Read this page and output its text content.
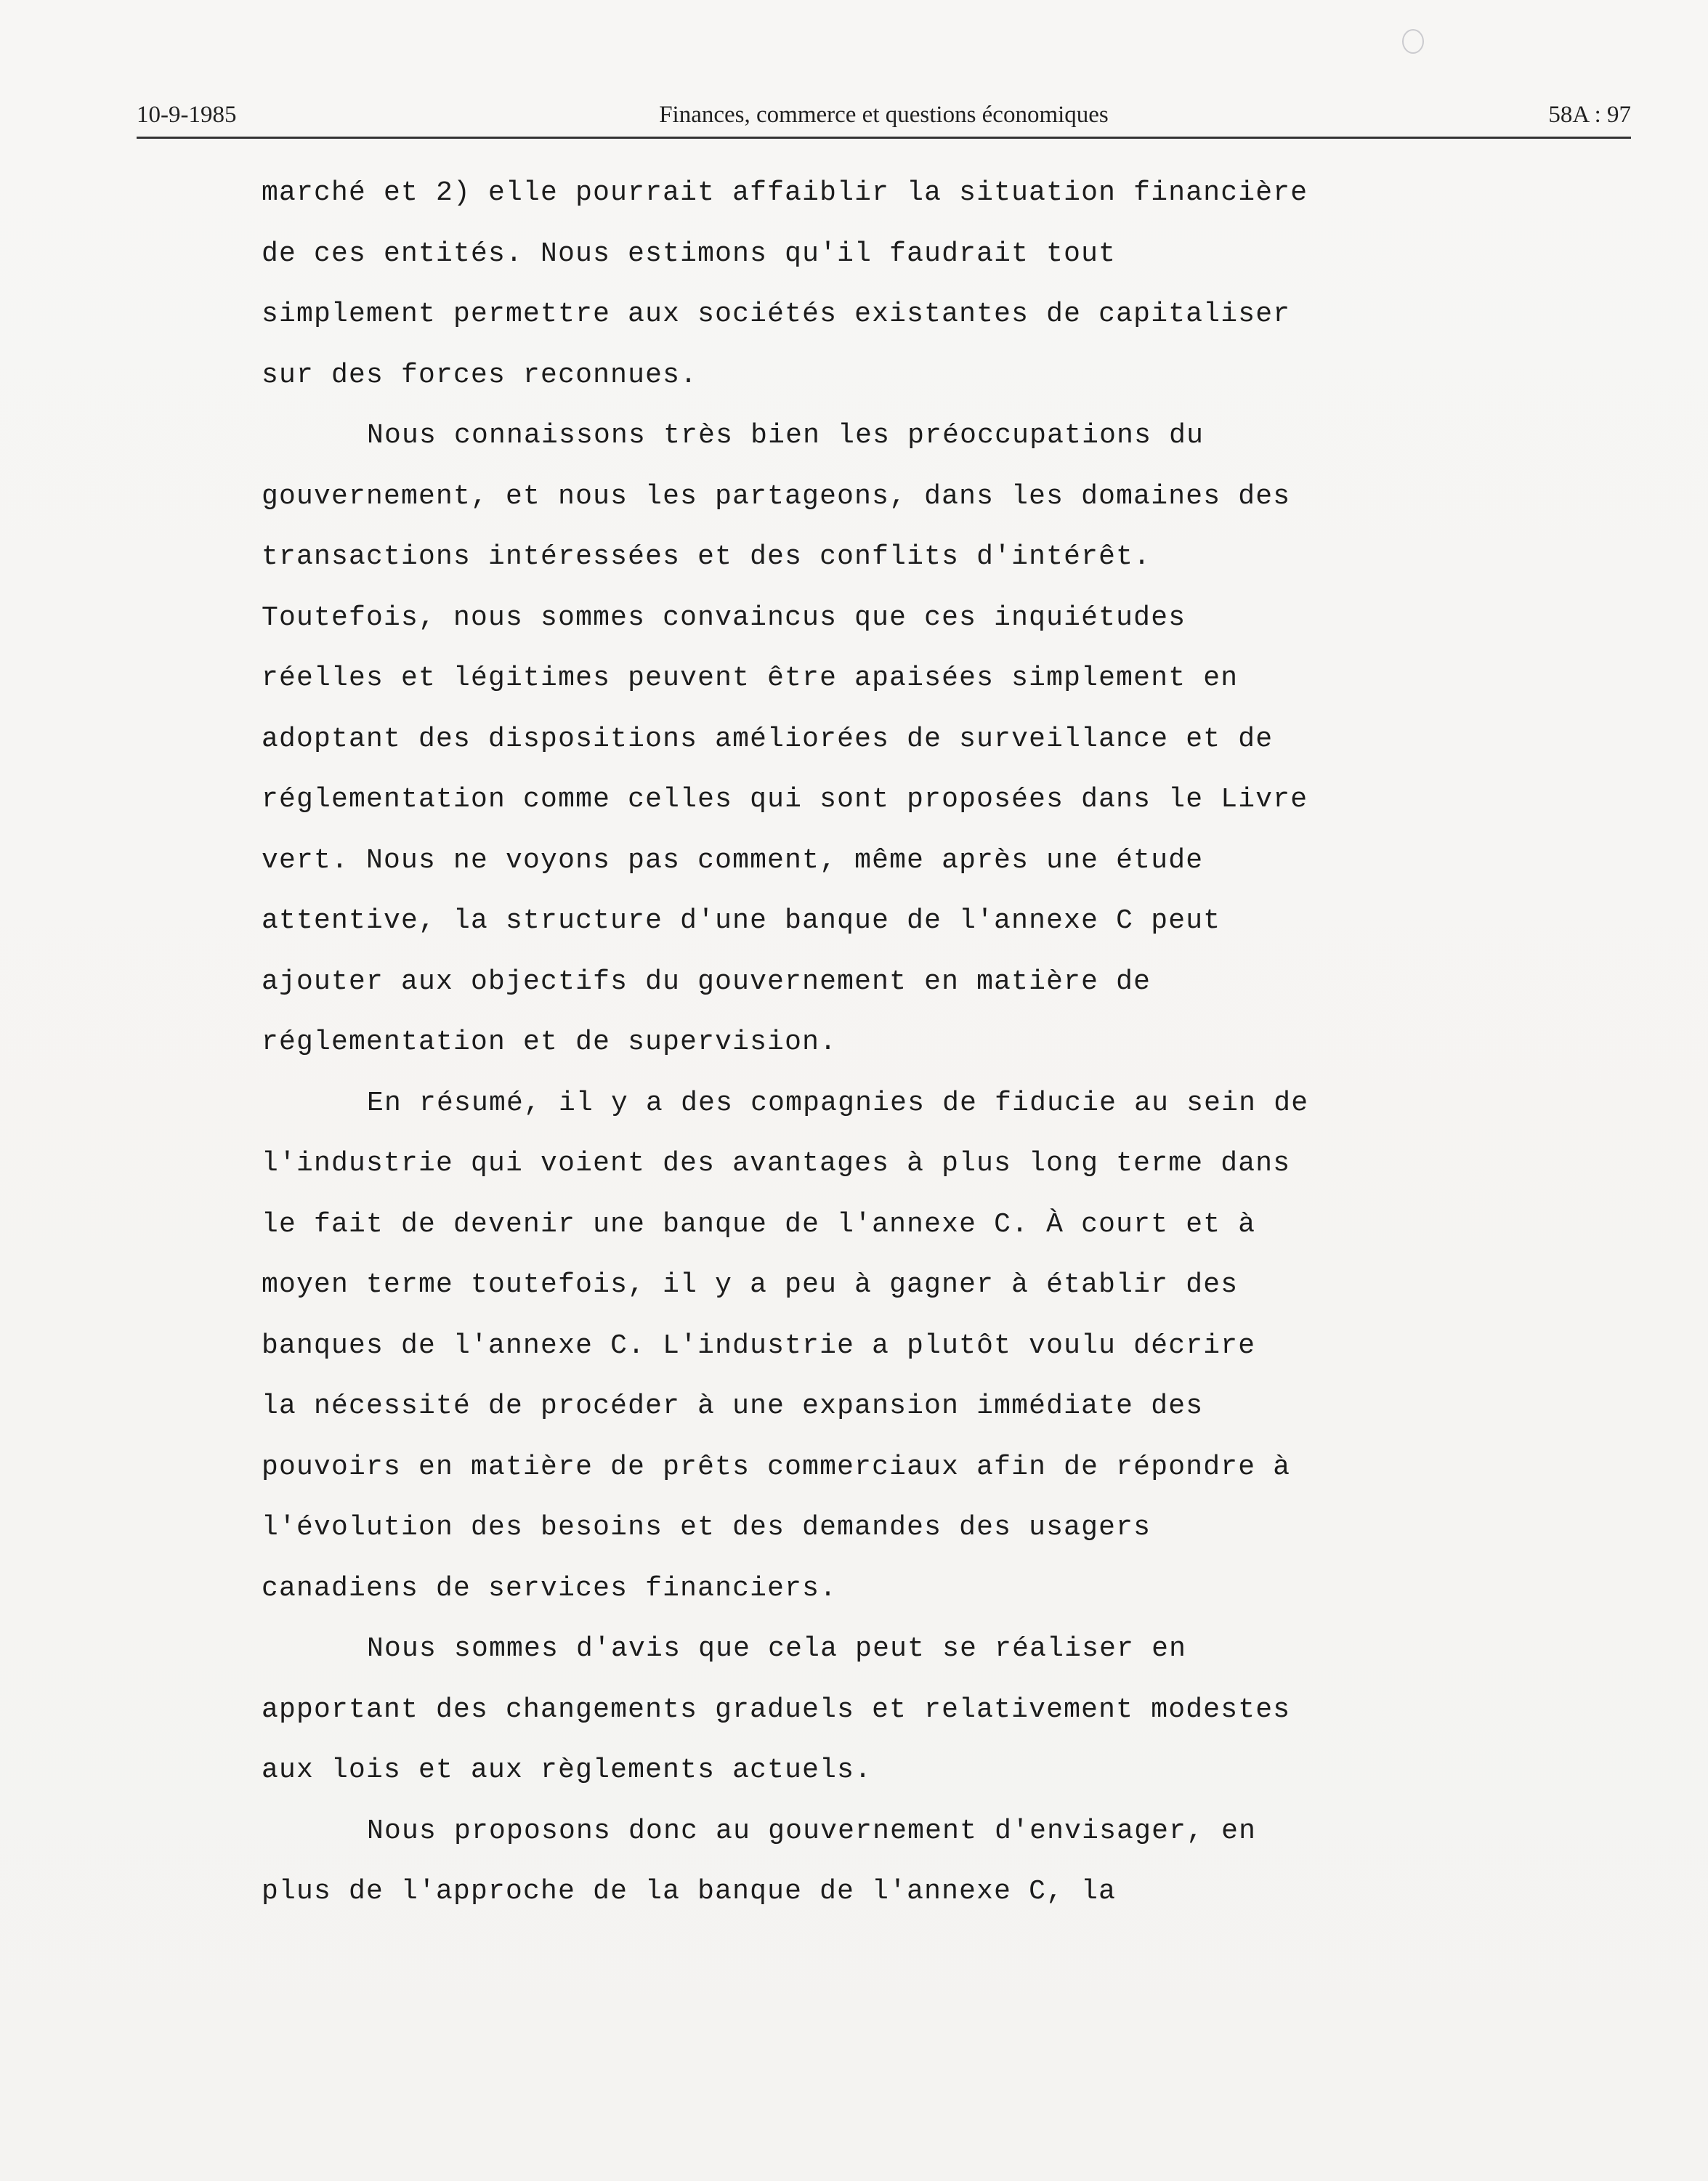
10-9-1985	Finances, commerce et questions économiques	58A : 97
marché et 2) elle pourrait affaiblir la situation financière
de ces entités. Nous estimons qu'il faudrait tout
simplement permettre aux sociétés existantes de capitaliser
sur des forces reconnues.
Nous connaissons très bien les préoccupations du
gouvernement, et nous les partageons, dans les domaines des
transactions intéressées et des conflits d'intérêt.
Toutefois, nous sommes convaincus que ces inquiétudes
réelles et légitimes peuvent être apaisées simplement en
adoptant des dispositions améliorées de surveillance et de
réglementation comme celles qui sont proposées dans le Livre
vert. Nous ne voyons pas comment, même après une étude
attentive, la structure d'une banque de l'annexe C peut
ajouter aux objectifs du gouvernement en matière de
réglementation et de supervision.
En résumé, il y a des compagnies de fiducie au sein de
l'industrie qui voient des avantages à plus long terme dans
le fait de devenir une banque de l'annexe C. À court et à
moyen terme toutefois, il y a peu à gagner à établir des
banques de l'annexe C. L'industrie a plutôt voulu décrire
la nécessité de procéder à une expansion immédiate des
pouvoirs en matière de prêts commerciaux afin de répondre à
l'évolution des besoins et des demandes des usagers
canadiens de services financiers.
Nous sommes d'avis que cela peut se réaliser en
apportant des changements graduels et relativement modestes
aux lois et aux règlements actuels.
Nous proposons donc au gouvernement d'envisager, en
plus de l'approche de la banque de l'annexe C, la
